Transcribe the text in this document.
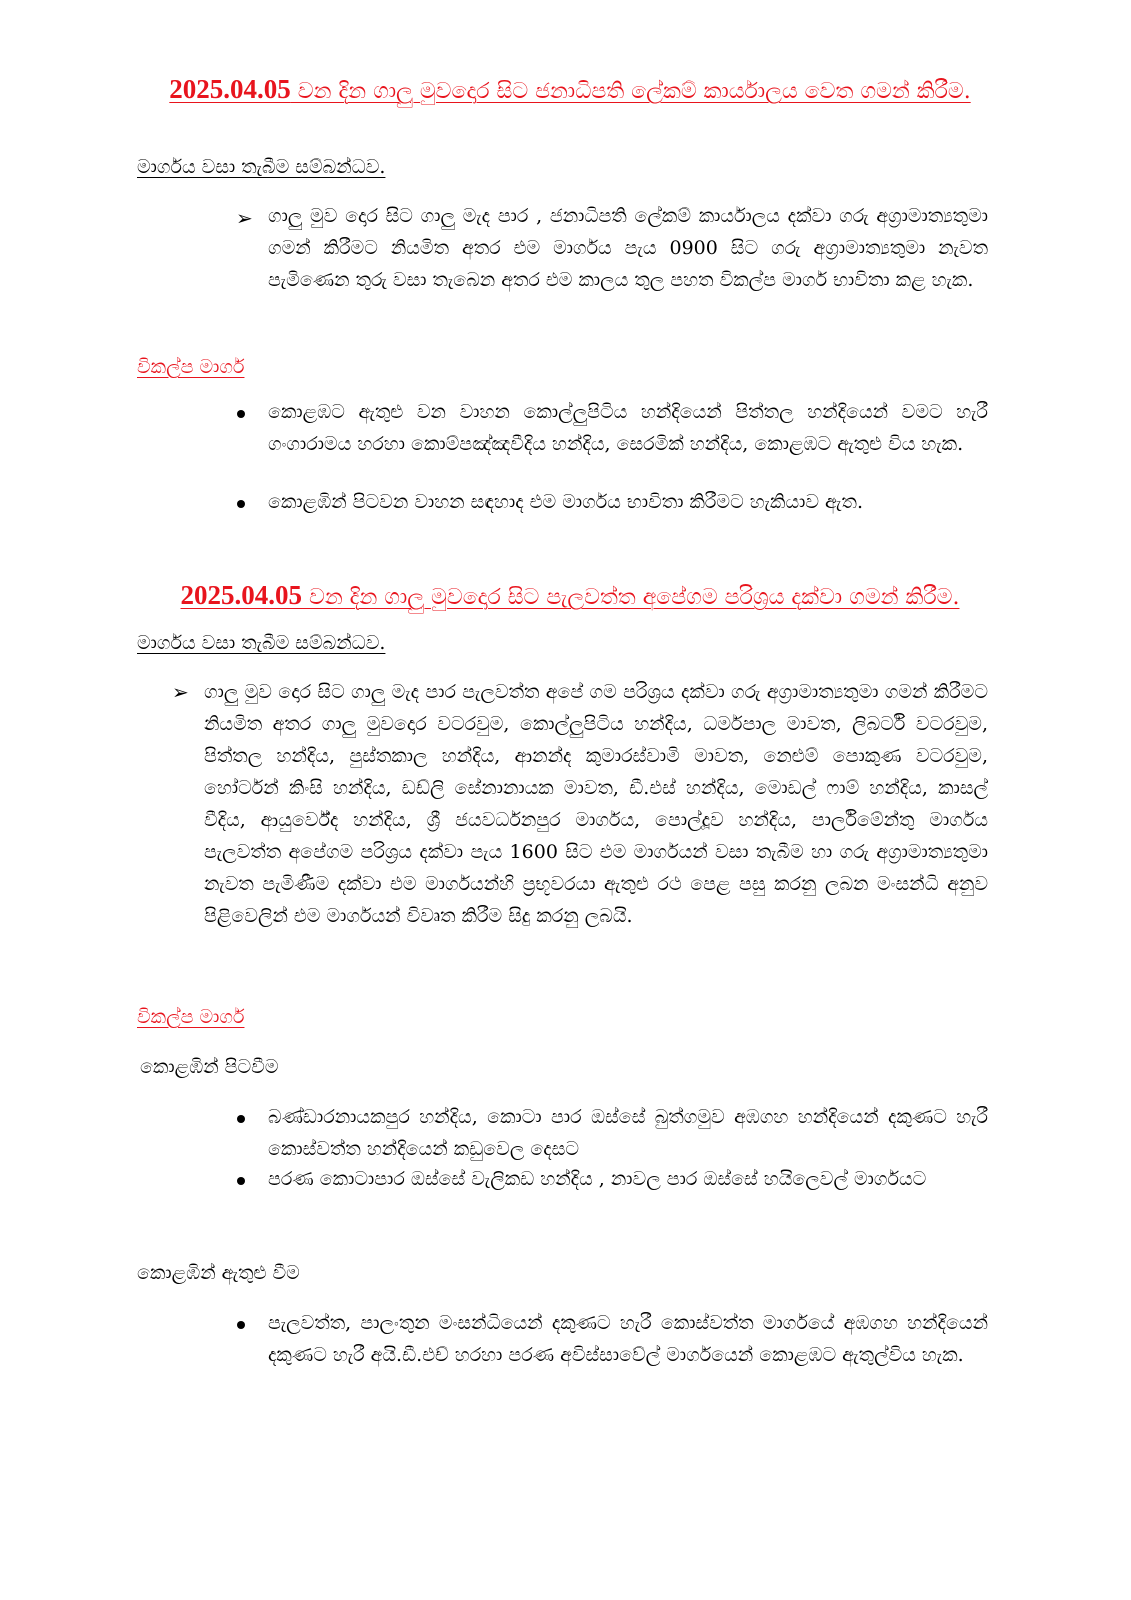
2025.04.05 වන දින ගාලු මුවදොර සිට ජනාධිපති ලේකම් කාර්යාලය වෙත ගමන් කිරීම.
මාර්ගය වසා තැබීම සම්බන්ධව.
➢ ගාලු මුව දොර සිට ගාලු මැද පාර , ජනාධිපති ලේකම් කාර්යාලය දක්වා ගරු අග්‍රාමාත්‍යතුමා ගමන් කිරීමට නියමිත අතර එම මාර්ගය පැය 0900 සිට ගරු අග්‍රාමාත්‍යතුමා නැවත පැමිණෙන තුරු වසා තැබෙන අතර එම කාලය තුල පහත විකල්ප මාර්ග භාවිතා කළ හැක.
විකල්ප මාර්ග
කොළඹට ඇතුළු වන වාහන කොල්ලුපිටිය හන්දියෙන් පිත්තල හන්දියෙන් වමට හැරී ගංගාරාමය හරහා කොම්පඤ්ඤවීදිය හන්දිය, සෙරමික් හන්දිය, කොළඹට ඇතුළු විය හැක.
කොළඹින් පිටවන වාහන සඳහාද එම මාර්ගය භාවිතා කිරීමට හැකියාව ඇත.
2025.04.05 වන දින ගාලු මුවදොර සිට පැලවත්ත අපේගම පරිශ්‍රය දක්වා ගමන් කිරීම.
මාර්ගය වසා තැබීම සම්බන්ධව.
➢ ගාලු මුව දොර සිට ගාලු මැද පාර පැලවත්ත අපේ ගම පරිශ්‍රය දක්වා ගරු අග්‍රාමාත්‍යතුමා ගමන් කිරීමට නියමිත අතර ගාලු මුවදොර වටරවුම, කොල්ලුපිටිය හන්දිය, ධර්මපාල මාවත, ලිබර්ටි වටරවුම, පිත්තල හන්දිය, පුස්තකාල හන්දිය, ආනන්ද කුමාරස්වාමි මාවත, නෙළුම් පොකුණ වටරවුම, හෝර්ටන් කිංසි හන්දිය, ඩඩ්ලි සේනානායක මාවත, ඩී.එස් හන්දිය, මොඩල් ෆාම් හන්දිය, කාසල් වීදිය, ආයුර්වේද හන්දිය, ශ්‍රී ජයවර්ධනපුර මාර්ගය, පොල්දූව හන්දිය, පාර්ලිමේන්තු මාර්ගය පැලවත්ත අපේගම පරිශ්‍රය දක්වා පැය 1600 සිට එම මාර්ගයන් වසා තැබීම හා ගරු අග්‍රාමාත්‍යතුමා නැවත පැමිණීම දක්වා එම මාර්ගයන්හි ප්‍රභූවරයා ඇතුළු රථ පෙළ පසු කරනු ලබන මංසන්ධි අනුව පිළිවෙලින් එම මාර්ගයන් විවෘත කිරීම සිදු කරනු ලබයි.
විකල්ප මාර්ග
කොළඹින් පිටවීම
බණ්ඩාරනායකපුර හන්දිය, කොටා පාර ඔස්සේ බුත්ගමුව අඹගහ හන්දියෙන් දකුණට හැරී කොස්වත්ත හන්දියෙන් කඩුවෙල දෙසට
පරණ කොටාපාර ඔස්සේ වැලිකඩ හන්දිය , නාවල පාර ඔස්සේ හයිලෙවල් මාර්ගයට
කොළඹින් ඇතුළු වීම
පැලවත්ත, පාලංතුන මංසන්ධියෙන් දකුණට හැරී කොස්වත්ත මාර්ගයේ අඹගහ හන්දියෙන් දකුණට හැරී අයි.ඩී.එච් හරහා පරණ අවිස්සාවේල් මාර්ගයෙන් කොළඹට ඇතුල්විය හැක.
